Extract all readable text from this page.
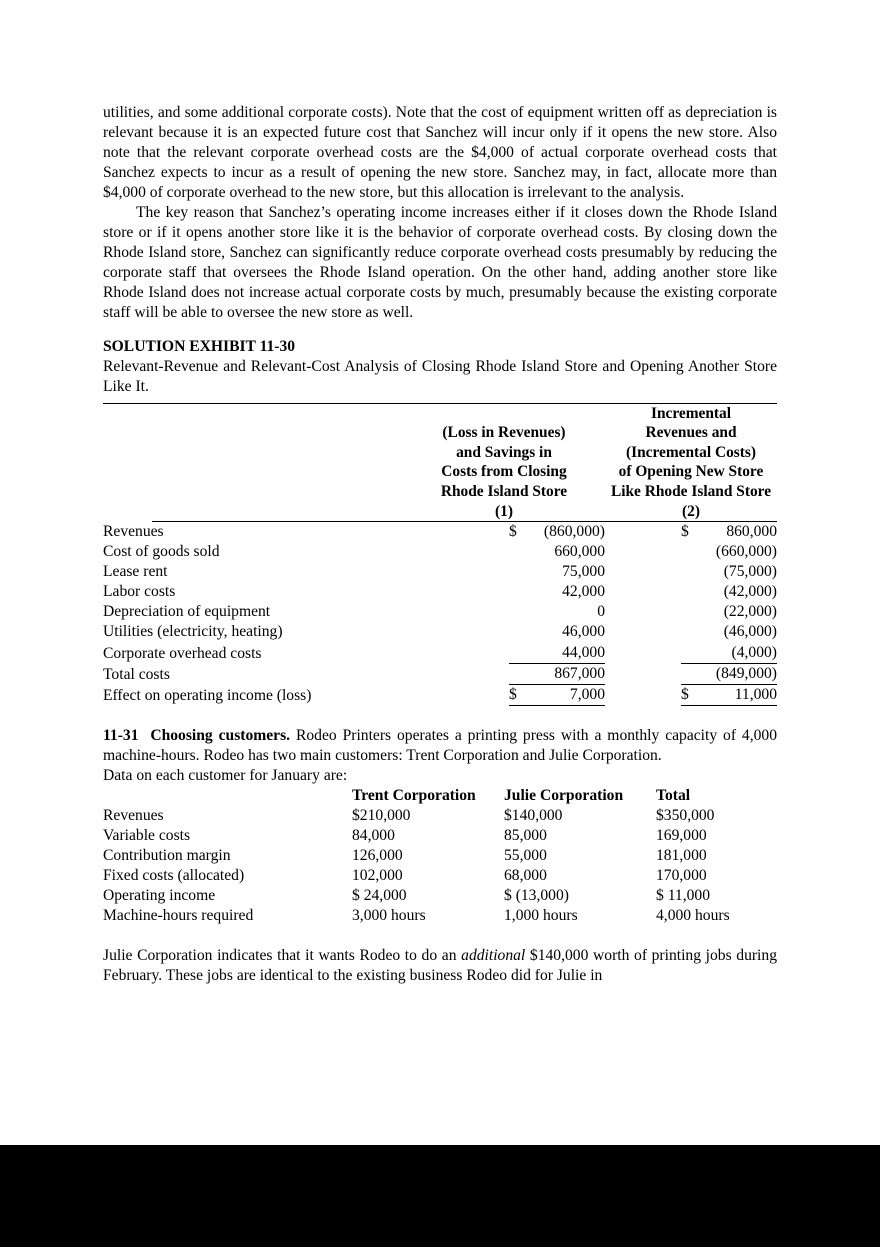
utilities, and some additional corporate costs). Note that the cost of equipment written off as depreciation is relevant because it is an expected future cost that Sanchez will incur only if it opens the new store. Also note that the relevant corporate overhead costs are the $4,000 of actual corporate overhead costs that Sanchez expects to incur as a result of opening the new store. Sanchez may, in fact, allocate more than $4,000 of corporate overhead to the new store, but this allocation is irrelevant to the analysis.

The key reason that Sanchez’s operating income increases either if it closes down the Rhode Island store or if it opens another store like it is the behavior of corporate overhead costs. By closing down the Rhode Island store, Sanchez can significantly reduce corporate overhead costs presumably by reducing the corporate staff that oversees the Rhode Island operation. On the other hand, adding another store like Rhode Island does not increase actual corporate costs by much, presumably because the existing corporate staff will be able to oversee the new store as well.

SOLUTION EXHIBIT 11-30

Relevant-Revenue and Relevant-Cost Analysis of Closing Rhode Island Store and Opening Another Store Like It.

(Loss in Revenues)
and Savings in
Costs from Closing
Rhode Island Store
(1)

Incremental
Revenues and
(Incremental Costs)
of Opening New Store
Like Rhode Island Store
(2)
Revenues	$ (860,000)	$ 860,000
Cost of goods sold	660,000	(660,000)
Lease rent	75,000	(75,000)
Labor costs	42,000	(42,000)
Depreciation of equipment	0	(22,000)
Utilities (electricity, heating)	46,000	(46,000)
Corporate overhead costs	44,000	(4,000)
Total costs	867,000	(849,000)
Effect on operating income (loss)	$ 7,000	$ 11,000

11-31 Choosing customers. Rodeo Printers operates a printing press with a monthly capacity of 4,000 machine-hours. Rodeo has two main customers: Trent Corporation and Julie Corporation.

Data on each customer for January are:

	Trent Corporation	Julie Corporation	Total
Revenues	$210,000	$140,000	$350,000
Variable costs	84,000	85,000	169,000
Contribution margin	126,000	55,000	181,000
Fixed costs (allocated)	102,000	68,000	170,000
Operating income	$ 24,000	$ (13,000)	$ 11,000
Machine-hours required	3,000 hours	1,000 hours	4,000 hours

Julie Corporation indicates that it wants Rodeo to do an additional $140,000 worth of printing jobs during February. These jobs are identical to the existing business Rodeo did for Julie in
